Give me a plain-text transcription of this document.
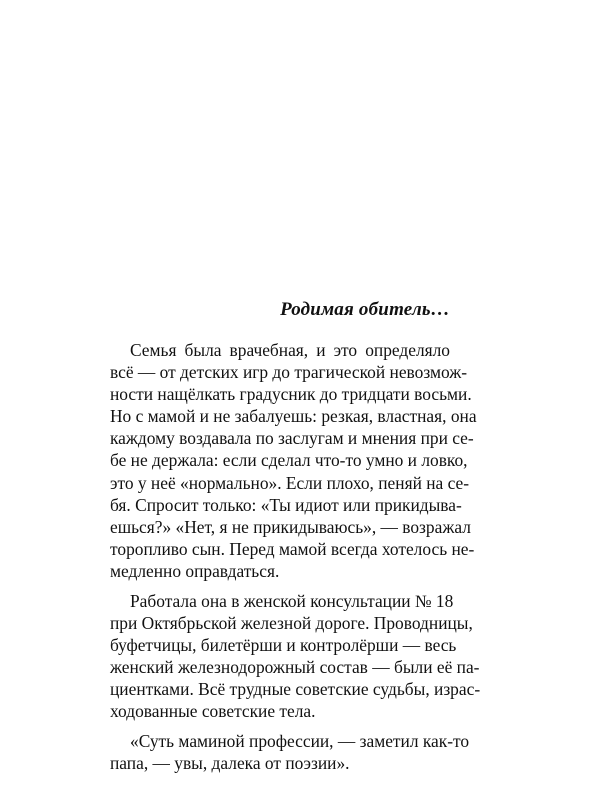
Родимая обитель…
Семья была врачебная, и это определяло
всё — от детских игр до трагической невозмож-
ности нащёлкать градусник до тридцати восьми.
Но с мамой и не забалуешь: резкая, властная, она
каждому воздавала по заслугам и мнения при се-
бе не держала: если сделал что-то умно и ловко,
это у неё «нормально». Если плохо, пеняй на се-
бя. Спросит только: «Ты идиот или прикидыва-
ешься?» «Нет, я не прикидываюсь», — возражал
торопливо сын. Перед мамой всегда хотелось не-
медленно оправдаться.
Работала она в женской консультации № 18
при Октябрьской железной дороге. Проводницы,
буфетчицы, билетёрши и контролёрши — весь
женский железнодорожный состав — были её па-
циентками. Всё трудные советские судьбы, израс-
ходованные советские тела.
«Суть маминой профессии, — заметил как-то
папа, — увы, далека от поэзии».
